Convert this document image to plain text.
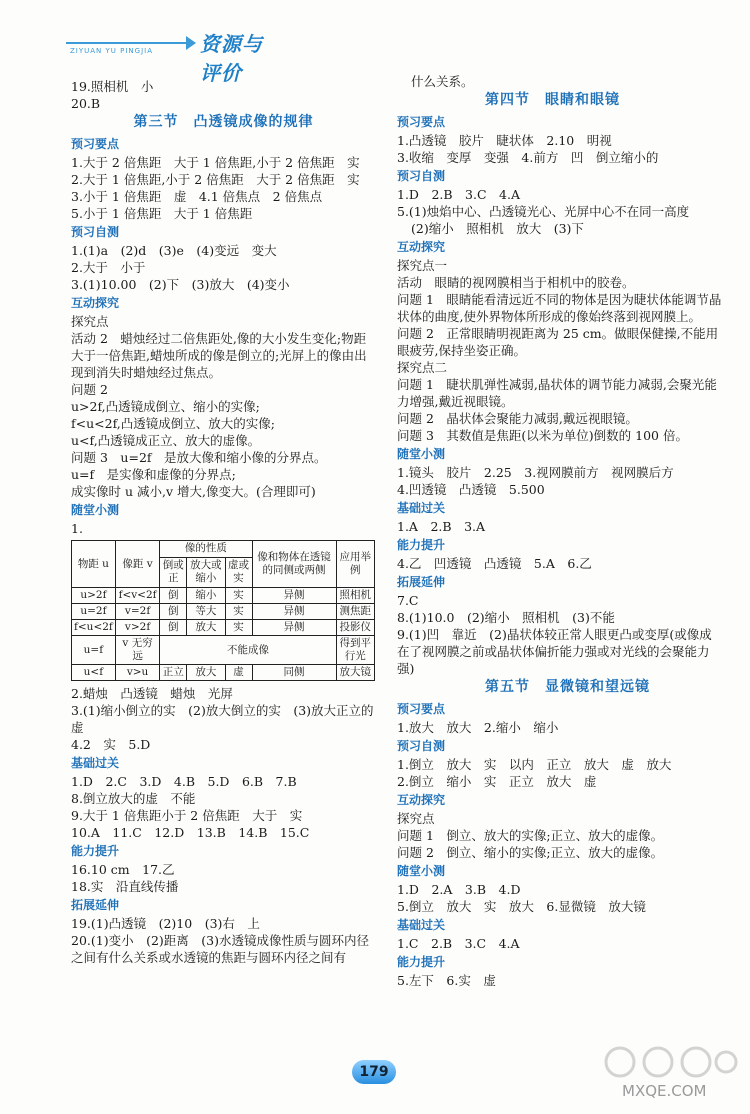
ZIYUAN YU PINGJIA 资源与评价
19.照相机　小
20.B
第三节　凸透镜成像的规律
预习要点
1.大于 2 倍焦距　大于 1 倍焦距,小于 2 倍焦距　实
2.大于 1 倍焦距,小于 2 倍焦距　大于 2 倍焦距　实
3.小于 1 倍焦距　虚　4.1 倍焦点　2 倍焦点
5.小于 1 倍焦距　大于 1 倍焦距
预习自测
1.(1)a　(2)d　(3)e　(4)变远　变大
2.大于　小于
3.(1)10.00　(2)下　(3)放大　(4)变小
互动探究
探究点
活动 2　蜡烛经过二倍焦距处,像的大小发生变化;物距大于一倍焦距,蜡烛所成的像是倒立的;光屏上的像由出现到消失时蜡烛经过焦点。
问题 2
u>2f,凸透镜成倒立、缩小的实像;
f<u<2f,凸透镜成倒立、放大的实像;
u<f,凸透镜成正立、放大的虚像。
问题 3　u=2f　是放大像和缩小像的分界点。
u=f　是实像和虚像的分界点;
成实像时 u 减小,v 增大,像变大。(合理即可)
随堂小测
1.
物距 u	像距 v	像的性质			像和物体在透镜的同侧或两侧	应用举例
		倒或正	放大或缩小	虚或实		
u>2f	f<v<2f	倒	缩小	实	异侧	照相机
u=2f	v=2f	倒	等大	实	异侧	测焦距
f<u<2f	v>2f	倒	放大	实	异侧	投影仪
u=f	v 无穷远	不能成像				得到平行光
u<f	v>u	正立	放大	虚	同侧	放大镜
2.蜡烛　凸透镜　蜡烛　光屏
3.(1)缩小倒立的实　(2)放大倒立的实　(3)放大正立的虚
4.2　实　5.D
基础过关
1.D　2.C　3.D　4.B　5.D　6.B　7.B
8.倒立放大的虚　不能
9.大于 1 倍焦距小于 2 倍焦距　大于　实
10.A　11.C　12.D　13.B　14.B　15.C
能力提升
16.10 cm　17.乙
18.实　沿直线传播
拓展延伸
19.(1)凸透镜　(2)10　(3)右　上
20.(1)变小　(2)距离　(3)水透镜成像性质与圆环内径之间有什么关系或水透镜的焦距与圆环内径之间有
什么关系。
第四节　眼睛和眼镜
预习要点
1.凸透镜　胶片　睫状体　2.10　明视
3.收缩　变厚　变强　4.前方　凹　倒立缩小的
预习自测
1.D　2.B　3.C　4.A
5.(1)烛焰中心、凸透镜光心、光屏中心不在同一高度
(2)缩小　照相机　放大　(3)下
互动探究
探究点一
活动　眼睛的视网膜相当于相机中的胶卷。
问题 1　眼睛能看清远近不同的物体是因为睫状体能调节晶状体的曲度,使外界物体所形成的像始终落到视网膜上。
问题 2　正常眼睛明视距离为 25 cm。做眼保健操,不能用眼疲劳,保持坐姿正确。
探究点二
问题 1　睫状肌弹性减弱,晶状体的调节能力减弱,会聚光能力增强,戴近视眼镜。
问题 2　晶状体会聚能力减弱,戴远视眼镜。
问题 3　其数值是焦距(以米为单位)倒数的 100 倍。
随堂小测
1.镜头　胶片　2.25　3.视网膜前方　视网膜后方
4.凹透镜　凸透镜　5.500
基础过关
1.A　2.B　3.A
能力提升
4.乙　凹透镜　凸透镜　5.A　6.乙
拓展延伸
7.C
8.(1)10.0　(2)缩小　照相机　(3)不能
9.(1)凹　靠近　(2)晶状体较正常人眼更凸或变厚(或像成在了视网膜之前或晶状体偏折能力强或对光线的会聚能力强)
第五节　显微镜和望远镜
预习要点
1.放大　放大　2.缩小　缩小
预习自测
1.倒立　放大　实　以内　正立　放大　虚　放大
2.倒立　缩小　实　正立　放大　虚
互动探究
探究点
问题 1　倒立、放大的实像;正立、放大的虚像。
问题 2　倒立、缩小的实像;正立、放大的虚像。
随堂小测
1.D　2.A　3.B　4.D
5.倒立　放大　实　放大　6.显微镜　放大镜
基础过关
1.C　2.B　3.C　4.A
能力提升
5.左下　6.实　虚
179
MXQE.COM
